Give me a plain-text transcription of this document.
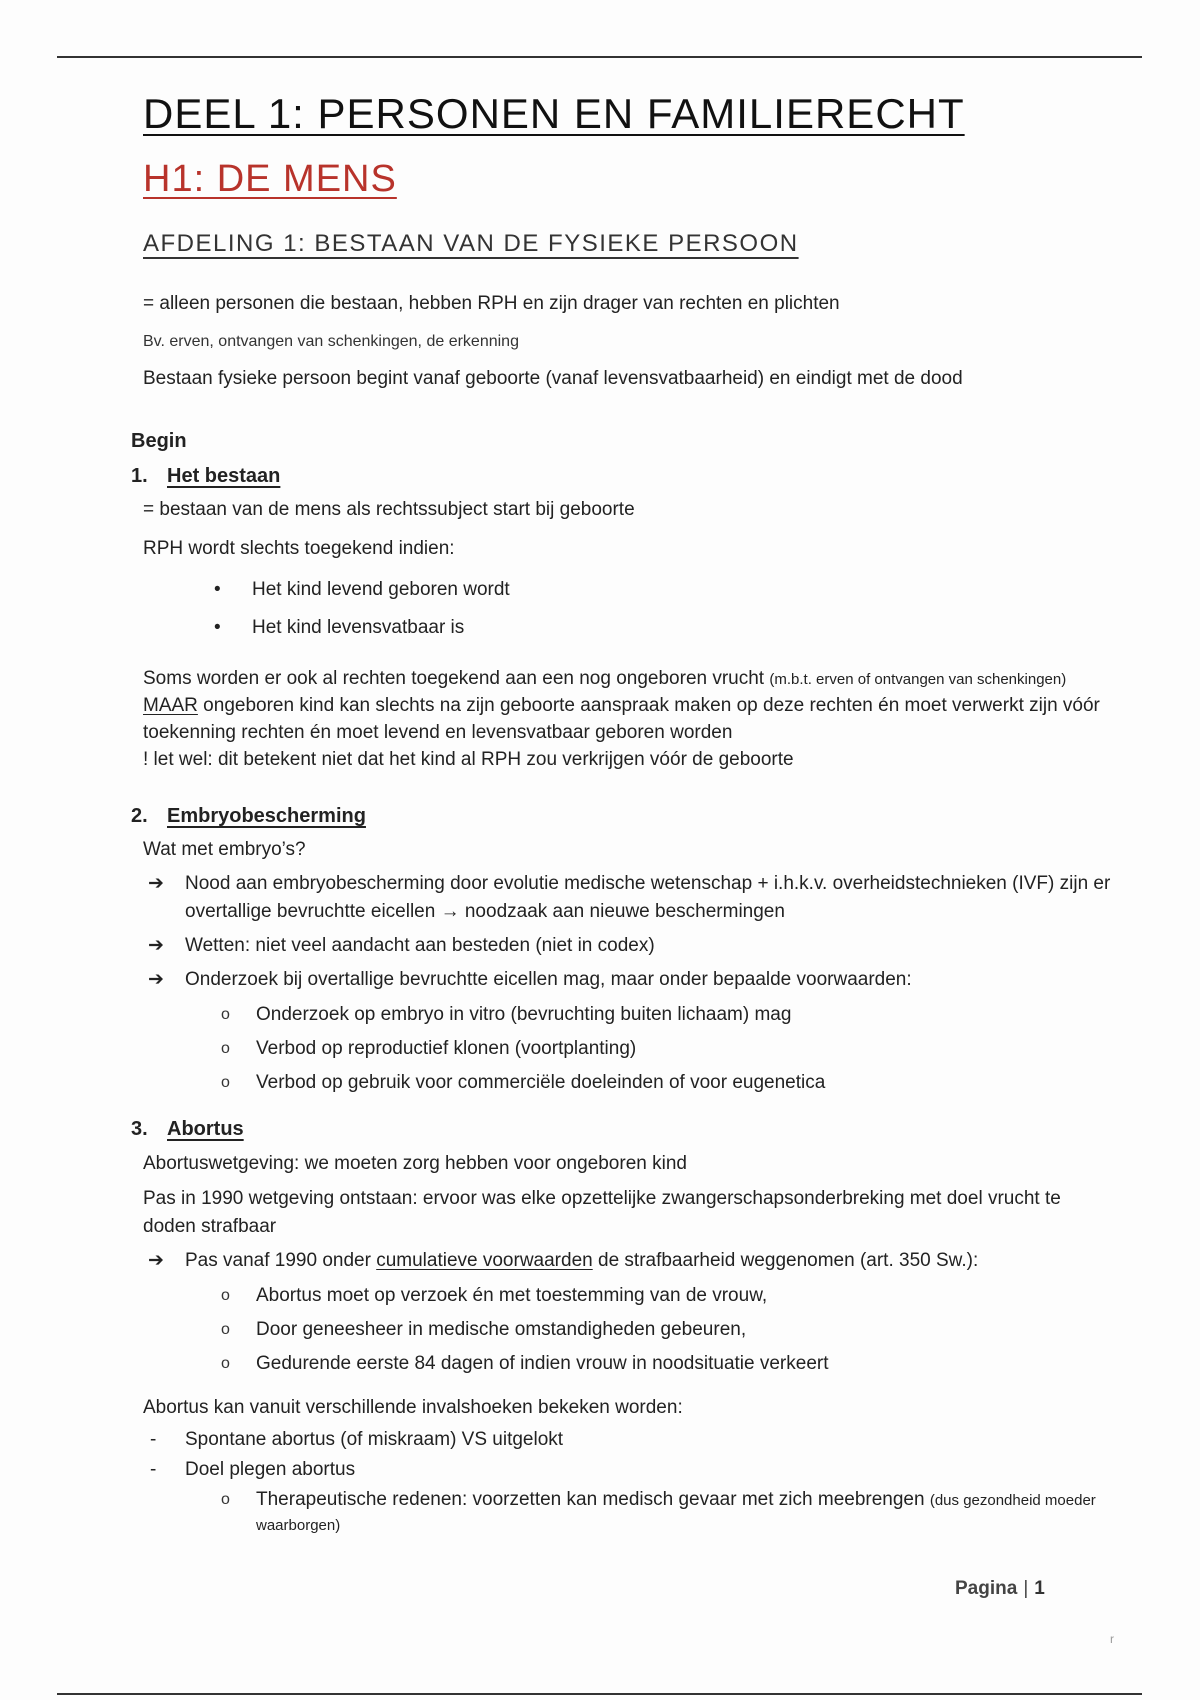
DEEL 1: PERSONEN EN FAMILIERECHT
H1: DE MENS
AFDELING 1: BESTAAN VAN DE FYSIEKE PERSOON
= alleen personen die bestaan, hebben RPH en zijn drager van rechten en plichten
Bv. erven, ontvangen van schenkingen, de erkenning
Bestaan fysieke persoon begint vanaf geboorte (vanaf levensvatbaarheid) en eindigt met de dood
Begin
1. Het bestaan
= bestaan van de mens als rechtssubject start bij geboorte
RPH wordt slechts toegekend indien:
• Het kind levend geboren wordt
• Het kind levensvatbaar is
Soms worden er ook al rechten toegekend aan een nog ongeboren vrucht (m.b.t. erven of ontvangen van schenkingen)
MAAR ongeboren kind kan slechts na zijn geboorte aanspraak maken op deze rechten én moet verwerkt zijn vóór
toekenning rechten én moet levend en levensvatbaar geboren worden
! let wel: dit betekent niet dat het kind al RPH zou verkrijgen vóór de geboorte
2. Embryobescherming
Wat met embryo’s?
➔ Nood aan embryobescherming door evolutie medische wetenschap + i.h.k.v. overheidstechnieken (IVF) zijn er
overtallige bevruchtte eicellen → noodzaak aan nieuwe beschermingen
➔ Wetten: niet veel aandacht aan besteden (niet in codex)
➔ Onderzoek bij overtallige bevruchtte eicellen mag, maar onder bepaalde voorwaarden:
o Onderzoek op embryo in vitro (bevruchting buiten lichaam) mag
o Verbod op reproductief klonen (voortplanting)
o Verbod op gebruik voor commerciële doeleinden of voor eugenetica
3. Abortus
Abortuswetgeving: we moeten zorg hebben voor ongeboren kind
Pas in 1990 wetgeving ontstaan: ervoor was elke opzettelijke zwangerschapsonderbreking met doel vrucht te
doden strafbaar
➔ Pas vanaf 1990 onder cumulatieve voorwaarden de strafbaarheid weggenomen (art. 350 Sw.):
o Abortus moet op verzoek én met toestemming van de vrouw,
o Door geneesheer in medische omstandigheden gebeuren,
o Gedurende eerste 84 dagen of indien vrouw in noodsituatie verkeert
Abortus kan vanuit verschillende invalshoeken bekeken worden:
- Spontane abortus (of miskraam) VS uitgelokt
- Doel plegen abortus
o Therapeutische redenen: voorzetten kan medisch gevaar met zich meebrengen (dus gezondheid moeder
waarborgen)
Pagina | 1
r
